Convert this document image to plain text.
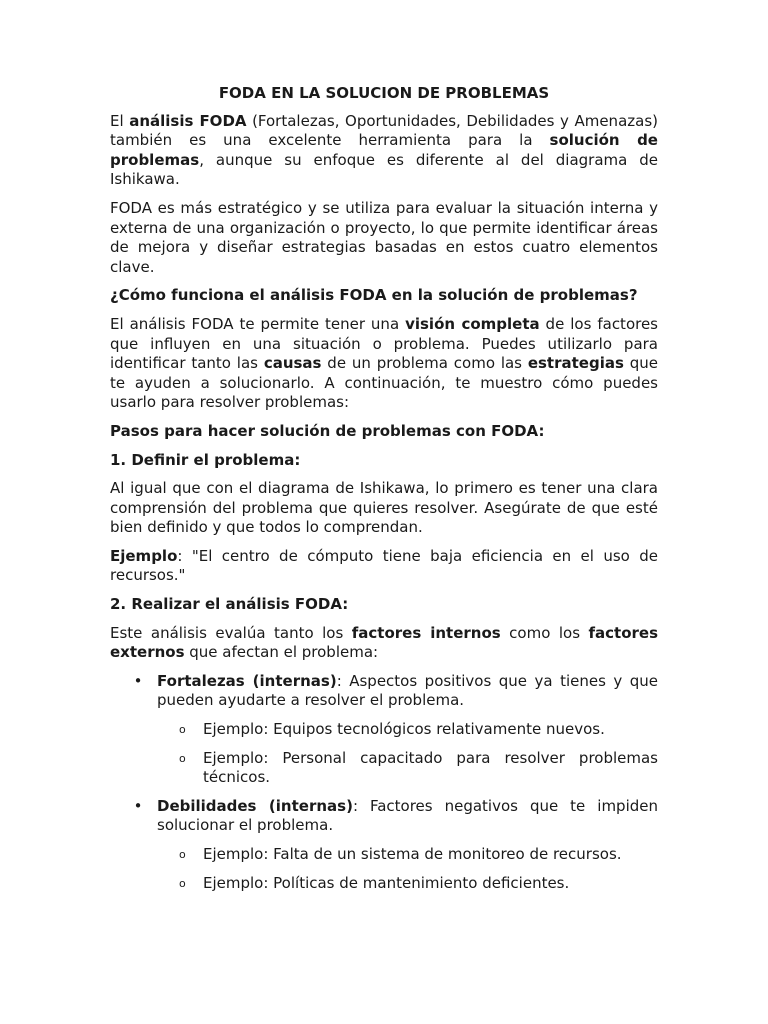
FODA EN LA SOLUCION DE PROBLEMAS

El análisis FODA (Fortalezas, Oportunidades, Debilidades y Amenazas) también es una excelente herramienta para la solución de problemas, aunque su enfoque es diferente al del diagrama de Ishikawa.

FODA es más estratégico y se utiliza para evaluar la situación interna y externa de una organización o proyecto, lo que permite identificar áreas de mejora y diseñar estrategias basadas en estos cuatro elementos clave.

¿Cómo funciona el análisis FODA en la solución de problemas?

El análisis FODA te permite tener una visión completa de los factores que influyen en una situación o problema. Puedes utilizarlo para identificar tanto las causas de un problema como las estrategias que te ayuden a solucionarlo. A continuación, te muestro cómo puedes usarlo para resolver problemas:

Pasos para hacer solución de problemas con FODA:
1. Definir el problema:

Al igual que con el diagrama de Ishikawa, lo primero es tener una clara comprensión del problema que quieres resolver. Asegúrate de que esté bien definido y que todos lo comprendan.

Ejemplo: "El centro de cómputo tiene baja eficiencia en el uso de recursos."

2. Realizar el análisis FODA:

Este análisis evalúa tanto los factores internos como los factores externos que afectan el problema:

• Fortalezas (internas): Aspectos positivos que ya tienes y que pueden ayudarte a resolver el problema.
o Ejemplo: Equipos tecnológicos relativamente nuevos.
o Ejemplo: Personal capacitado para resolver problemas técnicos.
• Debilidades (internas): Factores negativos que te impiden solucionar el problema.
o Ejemplo: Falta de un sistema de monitoreo de recursos.
o Ejemplo: Políticas de mantenimiento deficientes.
